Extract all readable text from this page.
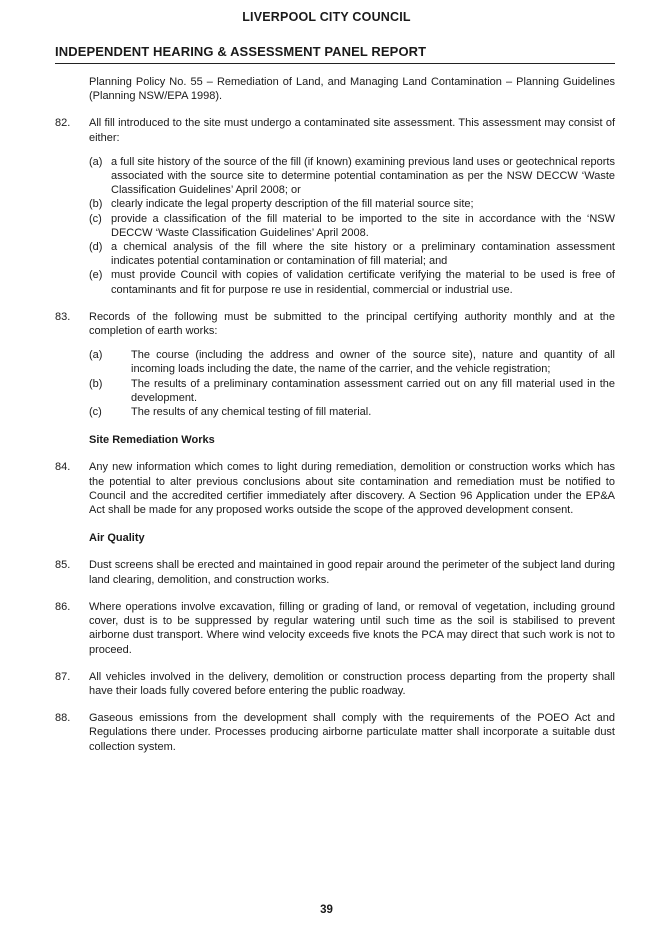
LIVERPOOL CITY COUNCIL
INDEPENDENT HEARING & ASSESSMENT PANEL REPORT
Planning Policy No. 55 – Remediation of Land, and Managing Land Contamination – Planning Guidelines (Planning NSW/EPA 1998).
82.	All fill introduced to the site must undergo a contaminated site assessment. This assessment may consist of either:
(a) a full site history of the source of the fill (if known) examining previous land uses or geotechnical reports associated with the source site to determine potential contamination as per the NSW DECCW ‘Waste Classification Guidelines’ April 2008; or
(b) clearly indicate the legal property description of the fill material source site;
(c) provide a classification of the fill material to be imported to the site in accordance with the ‘NSW DECCW ‘Waste Classification Guidelines’ April 2008.
(d) a chemical analysis of the fill where the site history or a preliminary contamination assessment indicates potential contamination or contamination of fill material; and
(e) must provide Council with copies of validation certificate verifying the material to be used is free of contaminants and fit for purpose re use in residential, commercial or industrial use.
83.	Records of the following must be submitted to the principal certifying authority monthly and at the completion of earth works:
(a)	The course (including the address and owner of the source site), nature and quantity of all incoming loads including the date, the name of the carrier, and the vehicle registration;
(b)	The results of a preliminary contamination assessment carried out on any fill material used in the development.
(c)	The results of any chemical testing of fill material.
Site Remediation Works
84.	Any new information which comes to light during remediation, demolition or construction works which has the potential to alter previous conclusions about site contamination and remediation must be notified to Council and the accredited certifier immediately after discovery. A Section 96 Application under the EP&A Act shall be made for any proposed works outside the scope of the approved development consent.
Air Quality
85.	Dust screens shall be erected and maintained in good repair around the perimeter of the subject land during land clearing, demolition, and construction works.
86.	Where operations involve excavation, filling or grading of land, or removal of vegetation, including ground cover, dust is to be suppressed by regular watering until such time as the soil is stabilised to prevent airborne dust transport. Where wind velocity exceeds five knots the PCA may direct that such work is not to proceed.
87.	All vehicles involved in the delivery, demolition or construction process departing from the property shall have their loads fully covered before entering the public roadway.
88.	Gaseous emissions from the development shall comply with the requirements of the POEO Act and Regulations there under. Processes producing airborne particulate matter shall incorporate a suitable dust collection system.
39
